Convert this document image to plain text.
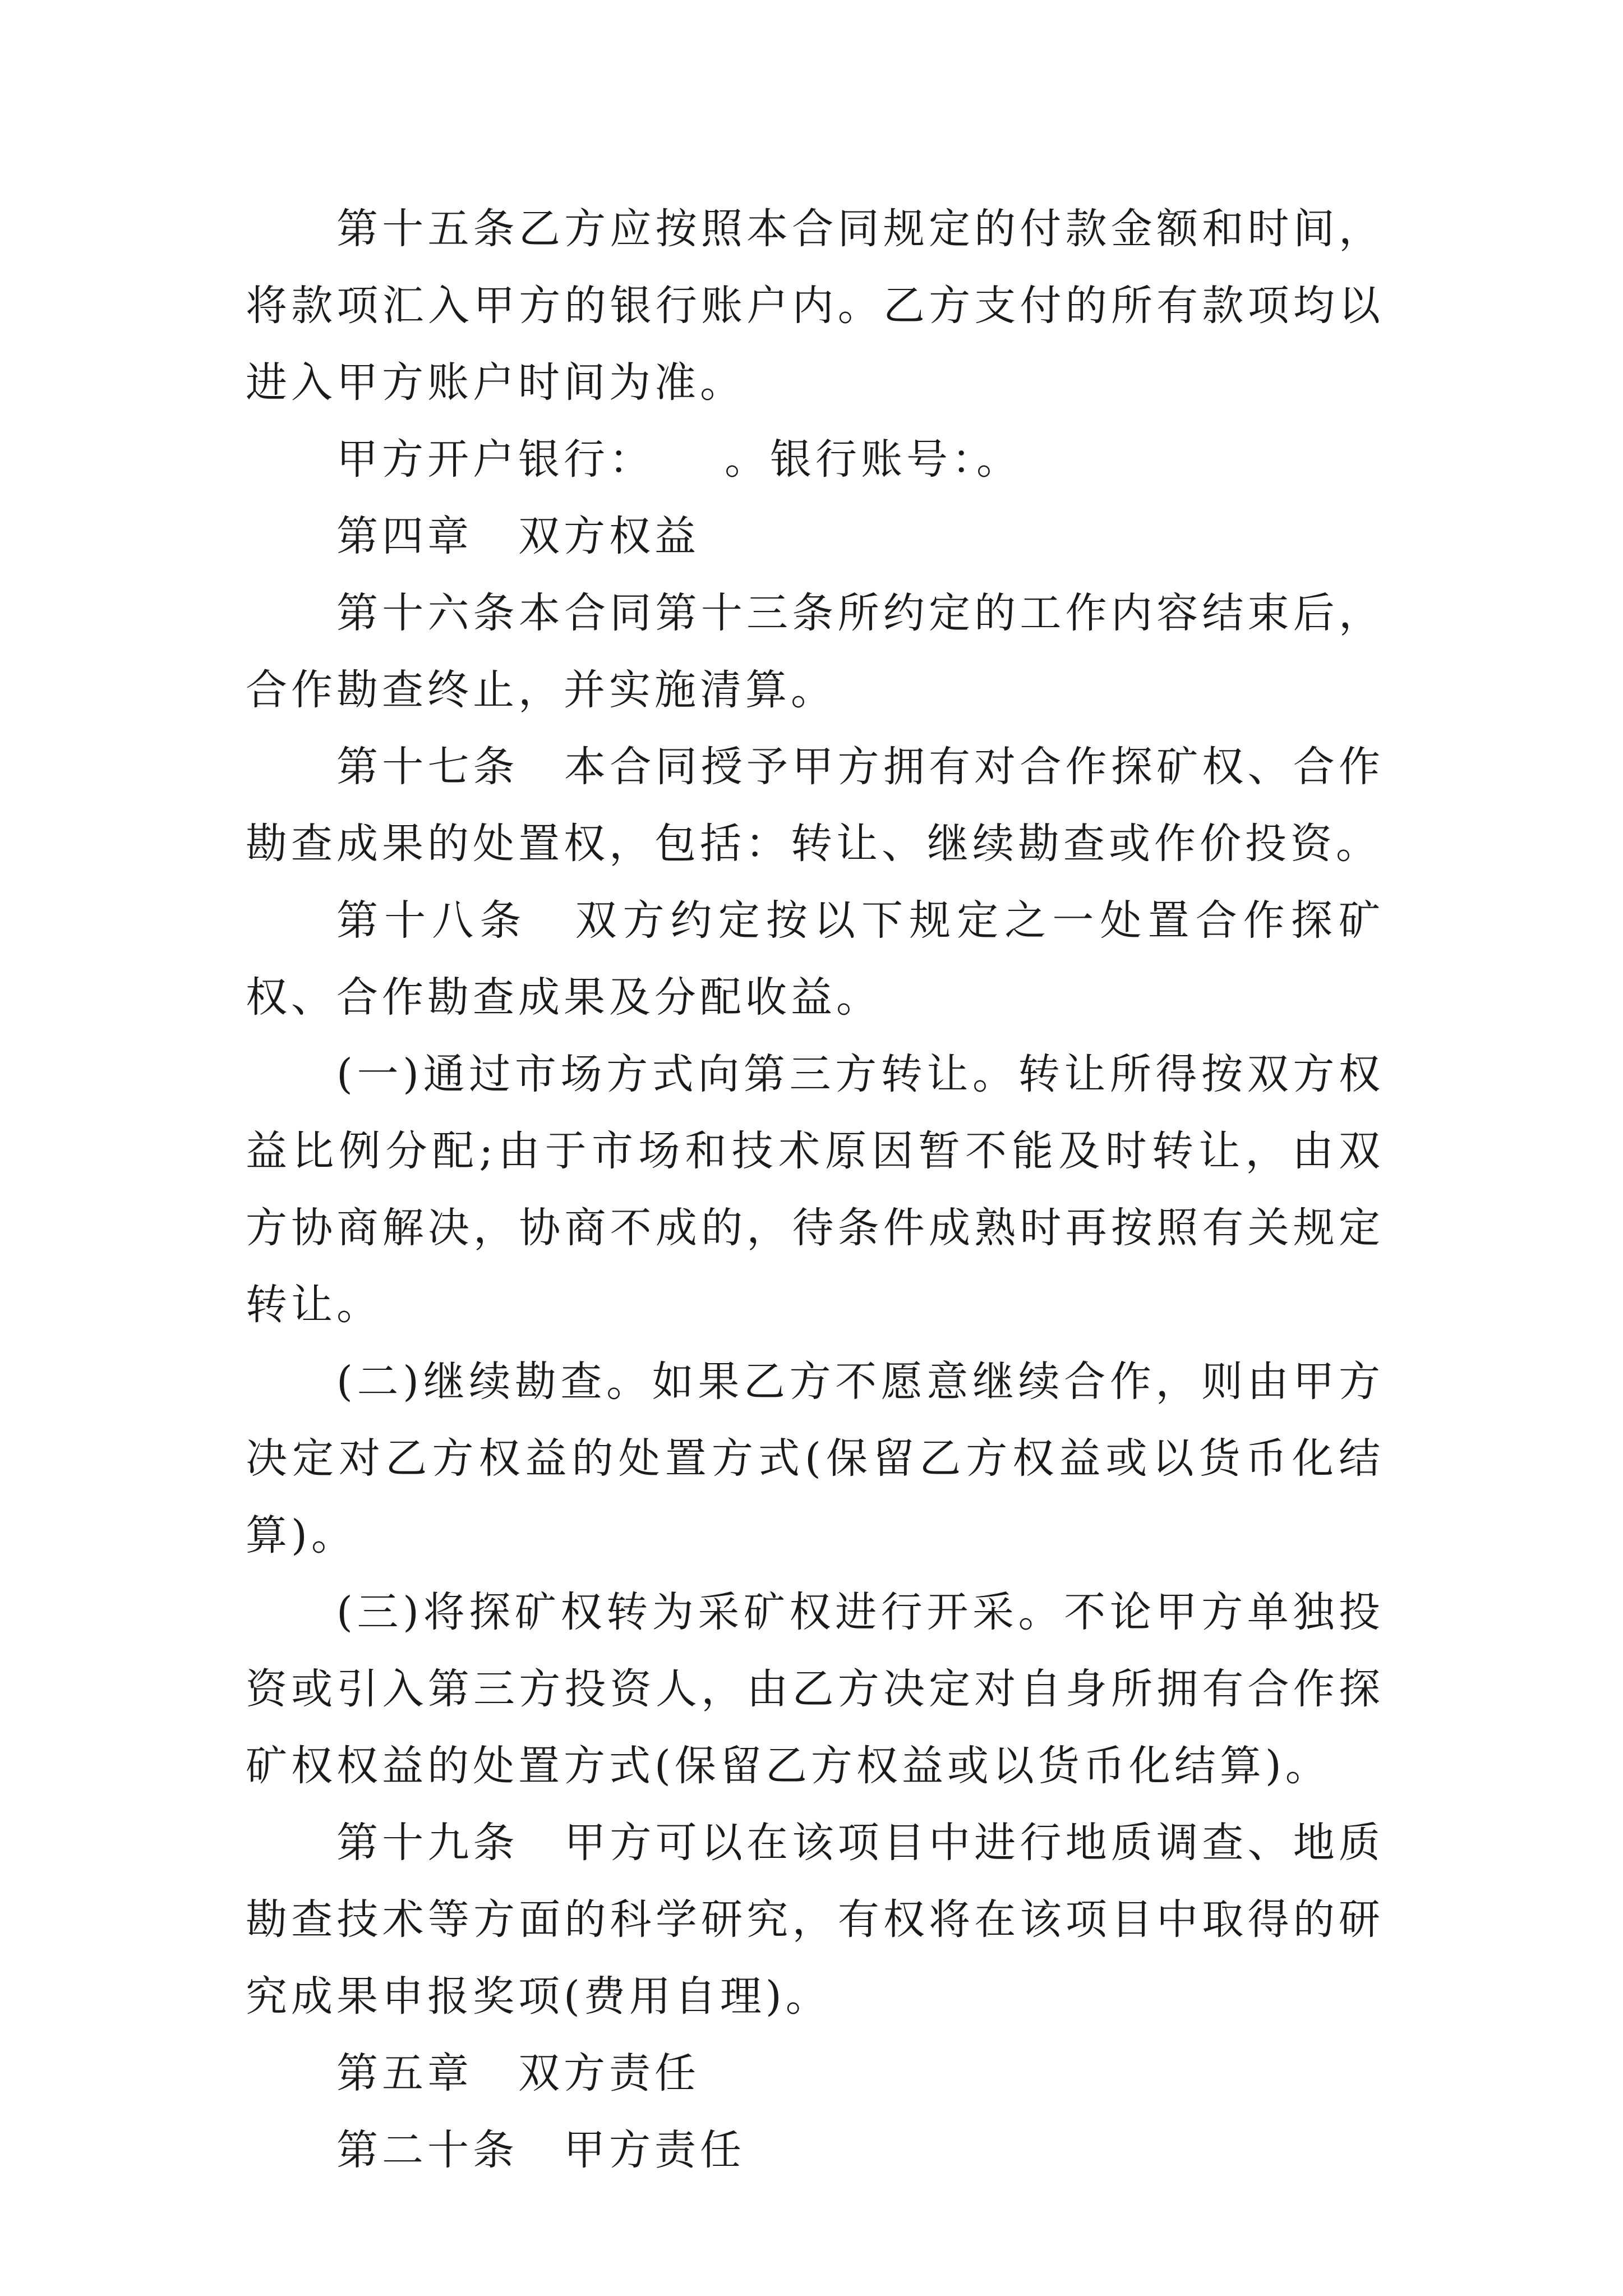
第十五条乙方应按照本合同规定的付款金额和时间，将款项汇入甲方的银行账户内。乙方支付的所有款项均以进入甲方账户时间为准。

甲方开户银行：　　。银行账号：。

第四章　双方权益

第十六条本合同第十三条所约定的工作内容结束后，合作勘查终止，并实施清算。

第十七条　本合同授予甲方拥有对合作探矿权、合作勘查成果的处置权，包括：转让、继续勘查或作价投资。

第十八条　双方约定按以下规定之一处置合作探矿权、合作勘查成果及分配收益。

(一)通过市场方式向第三方转让。转让所得按双方权益比例分配;由于市场和技术原因暂不能及时转让，由双方协商解决，协商不成的，待条件成熟时再按照有关规定转让。

(二)继续勘查。如果乙方不愿意继续合作，则由甲方决定对乙方权益的处置方式(保留乙方权益或以货币化结算)。

(三)将探矿权转为采矿权进行开采。不论甲方单独投资或引入第三方投资人，由乙方决定对自身所拥有合作探矿权权益的处置方式(保留乙方权益或以货币化结算)。

第十九条　甲方可以在该项目中进行地质调查、地质勘查技术等方面的科学研究，有权将在该项目中取得的研究成果申报奖项(费用自理)。

第五章　双方责任

第二十条　甲方责任
